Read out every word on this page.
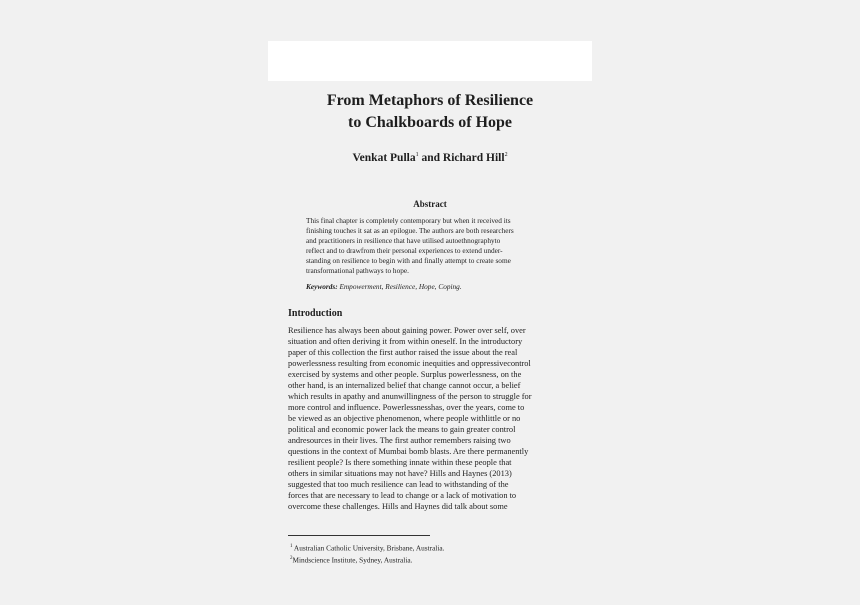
From Metaphors of Resilience
to Chalkboards of Hope
Venkat Pulla$^1$ and Richard Hill$^2$
Abstract
This final chapter is completely contemporary but when it received its
finishing touches it sat as an epilogue. The authors are both researchers
and practitioners in resilience that have utilised autoethnographyto
reflect and to drawfrom their personal experiences to extend under-
standing on resilience to begin with and finally attempt to create some
transformational pathways to hope.
Keywords: Empowerment, Resilience, Hope, Coping.
Introduction
Resilience has always been about gaining power. Power over self, over
situation and often deriving it from within oneself. In the introductory
paper of this collection the first author raised the issue about the real
powerlessness resulting from economic inequities and oppressivecontrol
exercised by systems and other people. Surplus powerlessness, on the
other hand, is an internalized belief that change cannot occur, a belief
which results in apathy and anunwillingness of the person to struggle for
more control and influence. Powerlessnesshas, over the years, come to
be viewed as an objective phenomenon, where people withlittle or no
political and economic power lack the means to gain greater control
andresources in their lives. The first author remembers raising two
questions in the context of Mumbai bomb blasts. Are there permanently
resilient people? Is there something innate within these people that
others in similar situations may not have? Hills and Haynes (2013)
suggested that too much resilience can lead to withstanding of the
forces that are necessary to lead to change or a lack of motivation to
overcome these challenges. Hills and Haynes did talk about some
$^1$ Australian Catholic University, Brisbane, Australia.
$^2$Mindscience Institute, Sydney, Australia.
